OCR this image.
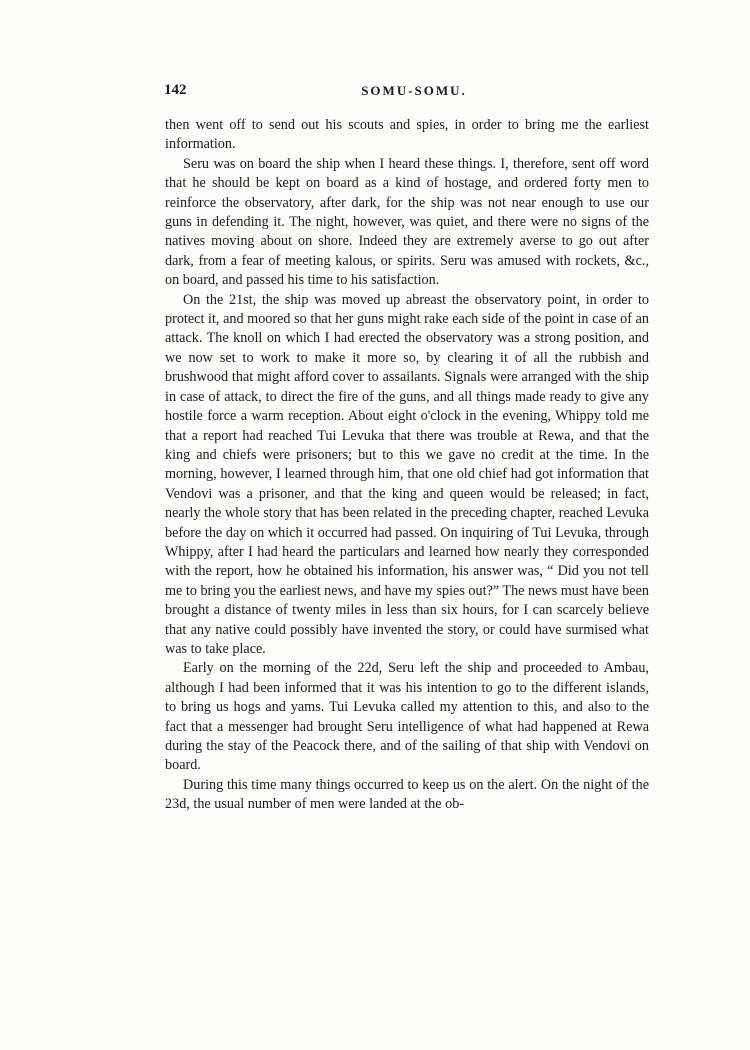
142	SOMU-SOMU.

then went off to send out his scouts and spies, in order to bring me the earliest information.

Seru was on board the ship when I heard these things. I, therefore, sent off word that he should be kept on board as a kind of hostage, and ordered forty men to reinforce the observatory, after dark, for the ship was not near enough to use our guns in defending it. The night, however, was quiet, and there were no signs of the natives moving about on shore. Indeed they are extremely averse to go out after dark, from a fear of meeting kalous, or spirits. Seru was amused with rockets, &c., on board, and passed his time to his satisfaction.

On the 21st, the ship was moved up abreast the observatory point, in order to protect it, and moored so that her guns might rake each side of the point in case of an attack. The knoll on which I had erected the observatory was a strong position, and we now set to work to make it more so, by clearing it of all the rubbish and brushwood that might afford cover to assailants. Signals were arranged with the ship in case of attack, to direct the fire of the guns, and all things made ready to give any hostile force a warm reception. About eight o'clock in the evening, Whippy told me that a report had reached Tui Levuka that there was trouble at Rewa, and that the king and chiefs were prisoners; but to this we gave no credit at the time. In the morning, however, I learned through him, that one old chief had got information that Vendovi was a prisoner, and that the king and queen would be released; in fact, nearly the whole story that has been related in the preceding chapter, reached Levuka before the day on which it occurred had passed. On inquiring of Tui Levuka, through Whippy, after I had heard the particulars and learned how nearly they corresponded with the report, how he obtained his information, his answer was, “ Did you not tell me to bring you the earliest news, and have my spies out?” The news must have been brought a distance of twenty miles in less than six hours, for I can scarcely believe that any native could possibly have invented the story, or could have surmised what was to take place.

Early on the morning of the 22d, Seru left the ship and proceeded to Ambau, although I had been informed that it was his intention to go to the different islands, to bring us hogs and yams. Tui Levuka called my attention to this, and also to the fact that a messenger had brought Seru intelligence of what had happened at Rewa during the stay of the Peacock there, and of the sailing of that ship with Vendovi on board.

During this time many things occurred to keep us on the alert. On the night of the 23d, the usual number of men were landed at the ob-
